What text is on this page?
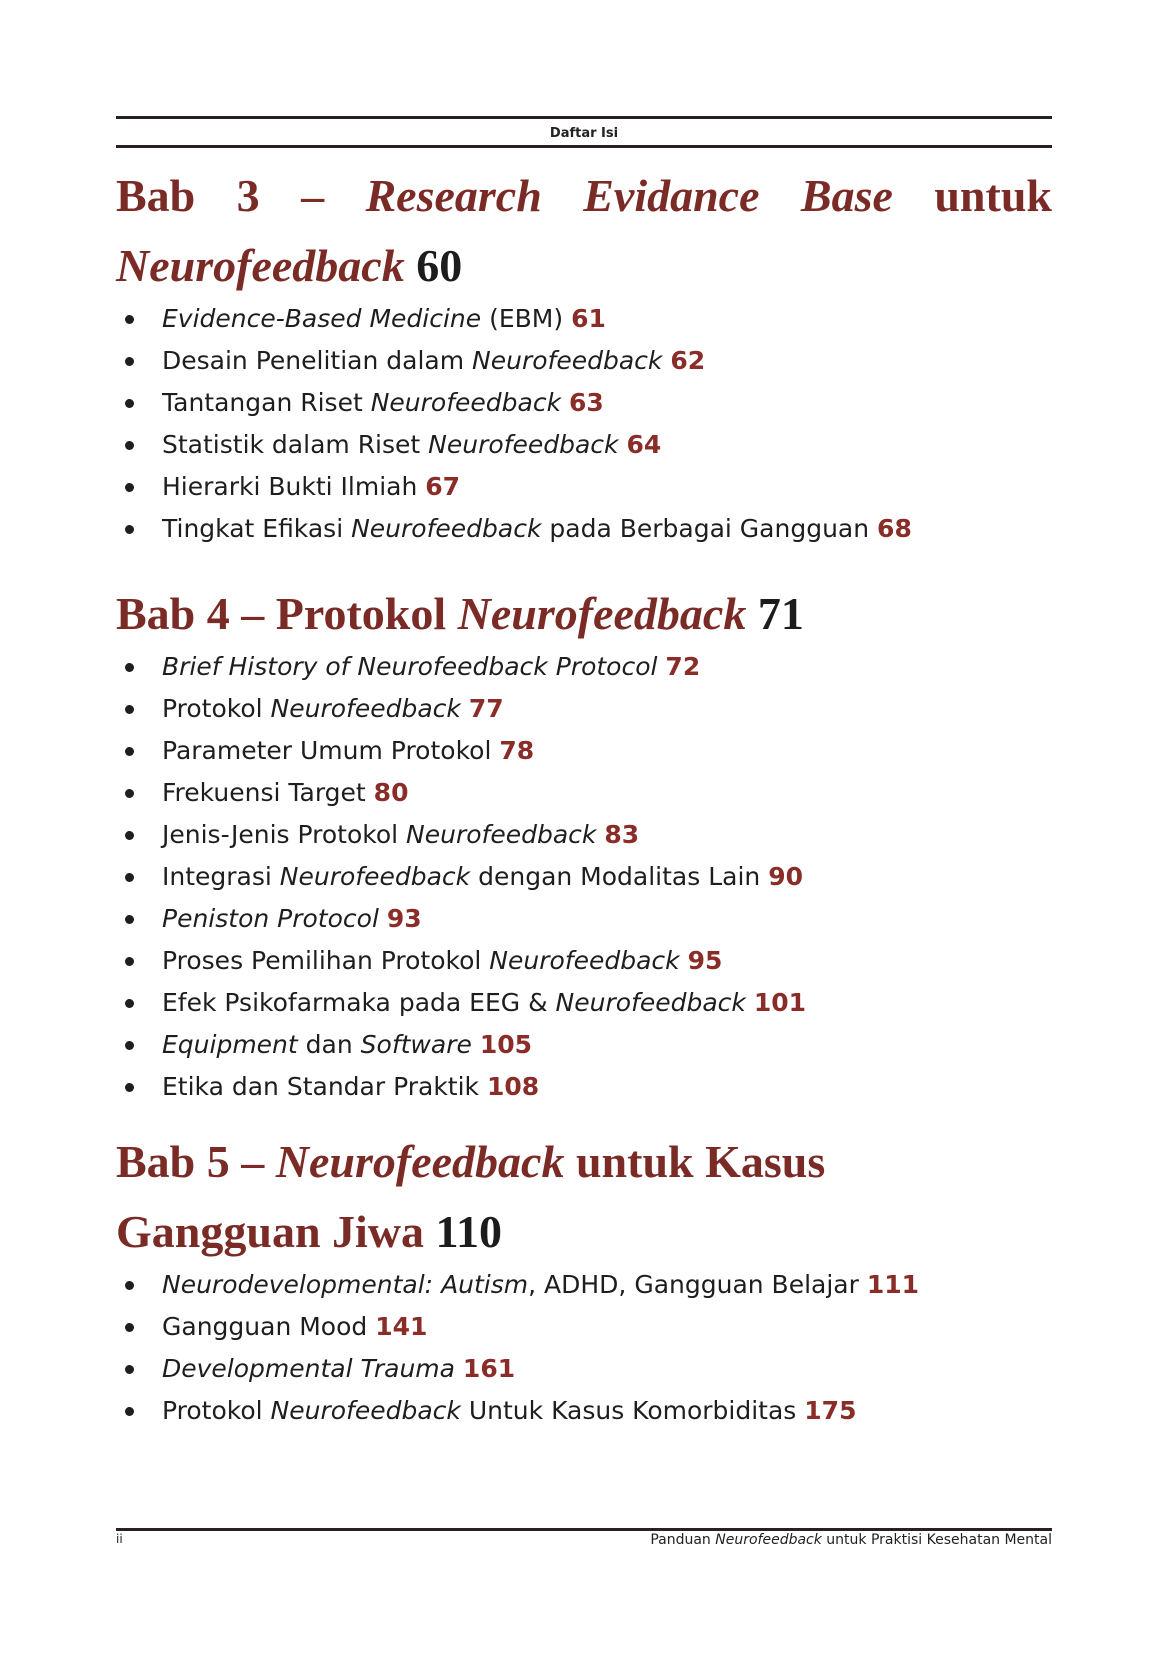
Daftar Isi
Bab 3 – Research Evidance Base untuk
Neurofeedback 60
Evidence-Based Medicine (EBM) 61
Desain Penelitian dalam Neurofeedback 62
Tantangan Riset Neurofeedback 63
Statistik dalam Riset Neurofeedback 64
Hierarki Bukti Ilmiah 67
Tingkat Efikasi Neurofeedback pada Berbagai Gangguan 68
Bab 4 – Protokol Neurofeedback 71
Brief History of Neurofeedback Protocol 72
Protokol Neurofeedback 77
Parameter Umum Protokol 78
Frekuensi Target 80
Jenis-Jenis Protokol Neurofeedback 83
Integrasi Neurofeedback dengan Modalitas Lain 90
Peniston Protocol 93
Proses Pemilihan Protokol Neurofeedback 95
Efek Psikofarmaka pada EEG & Neurofeedback 101
Equipment dan Software 105
Etika dan Standar Praktik 108
Bab 5 – Neurofeedback untuk Kasus
Gangguan Jiwa 110
Neurodevelopmental: Autism, ADHD, Gangguan Belajar 111
Gangguan Mood 141
Developmental Trauma 161
Protokol Neurofeedback Untuk Kasus Komorbiditas 175
ii	Panduan Neurofeedback untuk Praktisi Kesehatan Mental
